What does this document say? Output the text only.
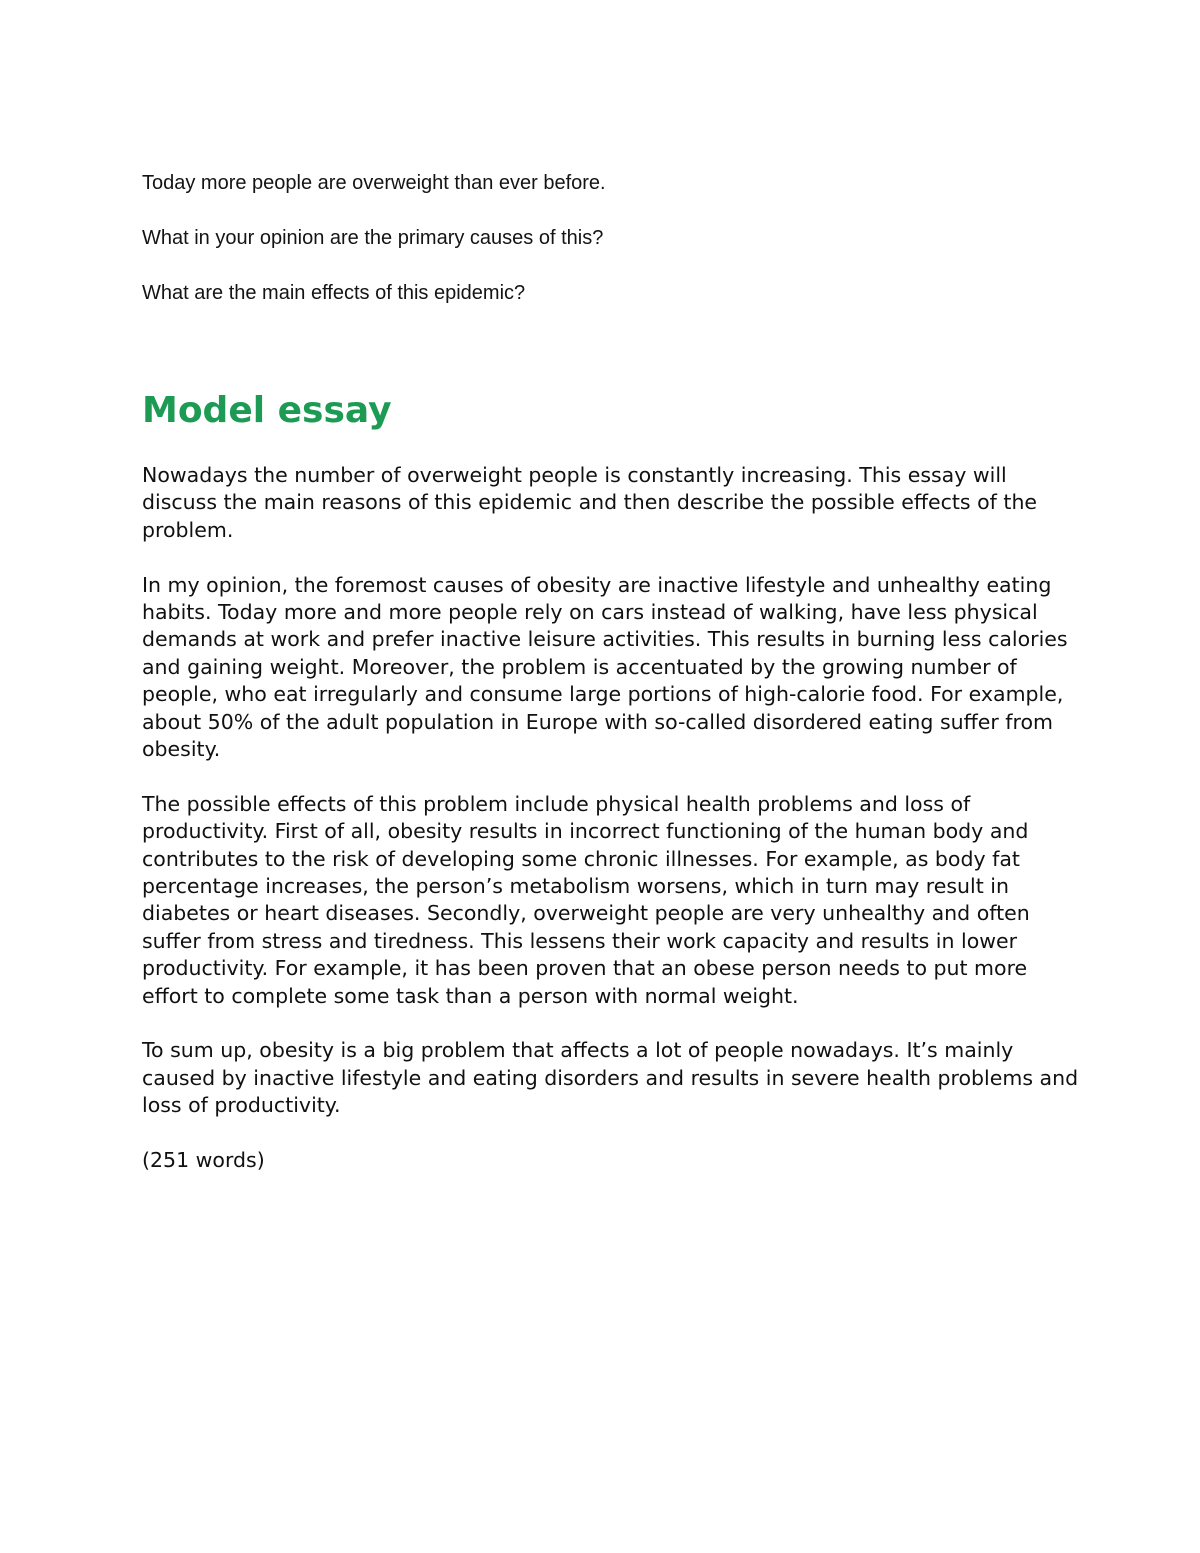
Today more people are overweight than ever before.

What in your opinion are the primary causes of this?

What are the main effects of this epidemic?

Model essay

Nowadays the number of overweight people is constantly increasing. This essay will discuss the main reasons of this epidemic and then describe the possible effects of the problem.

In my opinion, the foremost causes of obesity are inactive lifestyle and unhealthy eating habits. Today more and more people rely on cars instead of walking, have less physical demands at work and prefer inactive leisure activities. This results in burning less calories and gaining weight. Moreover, the problem is accentuated by the growing number of people, who eat irregularly and consume large portions of high-calorie food. For example, about 50% of the adult population in Europe with so-called disordered eating suffer from obesity.

The possible effects of this problem include physical health problems and loss of productivity. First of all, obesity results in incorrect functioning of the human body and contributes to the risk of developing some chronic illnesses. For example, as body fat percentage increases, the person’s metabolism worsens, which in turn may result in diabetes or heart diseases. Secondly, overweight people are very unhealthy and often suffer from stress and tiredness. This lessens their work capacity and results in lower productivity. For example, it has been proven that an obese person needs to put more effort to complete some task than a person with normal weight.

To sum up, obesity is a big problem that affects a lot of people nowadays. It’s mainly caused by inactive lifestyle and eating disorders and results in severe health problems and loss of productivity.

(251 words)
